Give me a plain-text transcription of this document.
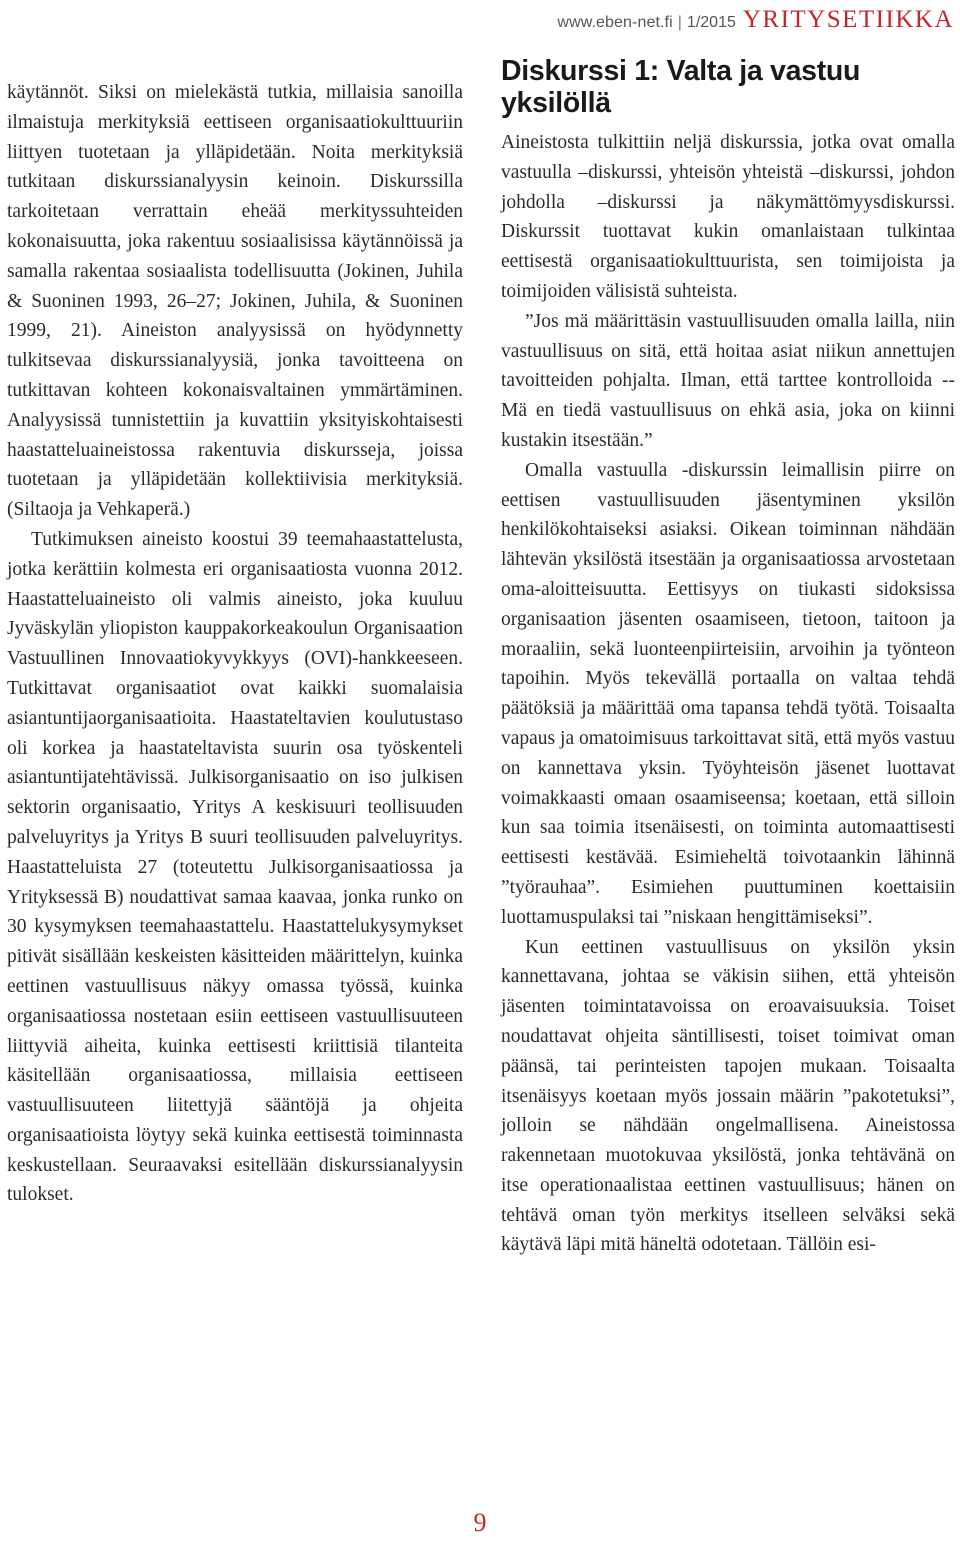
www.eben-net.fi | 1/2015 YRITYSETIIKKA

käytännöt. Siksi on mielekästä tutkia, millaisia sanoilla ilmaistuja merkityksiä eettiseen organisaatiokulttuuriin liittyen tuotetaan ja ylläpidetään. Noita merkityksiä tutkitaan diskurssianalyysin keinoin. Diskurssilla tarkoitetaan verrattain eheää merkityssuhteiden kokonaisuutta, joka rakentuu sosiaalisissa käytännöissä ja samalla rakentaa sosiaalista todellisuutta (Jokinen, Juhila & Suoninen 1993, 26–27; Jokinen, Juhila, & Suoninen 1999, 21). Aineiston analyysissä on hyödynnetty tulkitsevaa diskurssianalyysiä, jonka tavoitteena on tutkittavan kohteen kokonaisvaltainen ymmärtäminen. Analyysissä tunnistettiin ja kuvattiin yksityiskohtaisesti haastatteluaineistossa rakentuvia diskursseja, joissa tuotetaan ja ylläpidetään kollektiivisia merkityksiä. (Siltaoja ja Vehkaperä.)

Tutkimuksen aineisto koostui 39 teemahaastattelusta, jotka kerättiin kolmesta eri organisaatiosta vuonna 2012. Haastatteluaineisto oli valmis aineisto, joka kuuluu Jyväskylän yliopiston kauppakorkeakoulun Organisaation Vastuullinen Innovaatiokyvykkyys (OVI)-hankkeeseen. Tutkittavat organisaatiot ovat kaikki suomalaisia asiantuntijaorganisaatioita. Haastateltavien koulutustaso oli korkea ja haastateltavista suurin osa työskenteli asiantuntijatehtävissä. Julkisorganisaatio on iso julkisen sektorin organisaatio, Yritys A keskisuuri teollisuuden palveluyritys ja Yritys B suuri teollisuuden palveluyritys. Haastatteluista 27 (toteutettu Julkisorganisaatiossa ja Yrityksessä B) noudattivat samaa kaavaa, jonka runko on 30 kysymyksen teemahaastattelu. Haastattelukysymykset pitivät sisällään keskeisten käsitteiden määrittelyn, kuinka eettinen vastuullisuus näkyy omassa työssä, kuinka organisaatiossa nostetaan esiin eettiseen vastuullisuuteen liittyviä aiheita, kuinka eettisesti kriittisiä tilanteita käsitellään organisaatiossa, millaisia eettiseen vastuullisuuteen liitettyjä sääntöjä ja ohjeita organisaatioista löytyy sekä kuinka eettisestä toiminnasta keskustellaan. Seuraavaksi esitellään diskurssianalyysin tulokset.

Diskurssi 1: Valta ja vastuu yksilöllä

Aineistosta tulkittiin neljä diskurssia, jotka ovat omalla vastuulla –diskurssi, yhteisön yhteistä –diskurssi, johdon johdolla –diskurssi ja näkymättömyysdiskurssi. Diskurssit tuottavat kukin omanlaistaan tulkintaa eettisestä organisaatiokulttuurista, sen toimijoista ja toimijoiden välisistä suhteista.

”Jos mä määrittäsin vastuullisuuden omalla lailla, niin vastuullisuus on sitä, että hoitaa asiat niikun annettujen tavoitteiden pohjalta. Ilman, että tarttee kontrolloida -- Mä en tiedä vastuullisuus on ehkä asia, joka on kiinni kustakin itsestään.”

Omalla vastuulla -diskurssin leimallisin piirre on eettisen vastuullisuuden jäsentyminen yksilön henkilökohtaiseksi asiaksi. Oikean toiminnan nähdään lähtevän yksilöstä itsestään ja organisaatiossa arvostetaan oma-aloitteisuutta. Eettisyys on tiukasti sidoksissa organisaation jäsenten osaamiseen, tietoon, taitoon ja moraaliin, sekä luonteenpiirteisiin, arvoihin ja työnteon tapoihin. Myös tekevällä portaalla on valtaa tehdä päätöksiä ja määrittää oma tapansa tehdä työtä. Toisaalta vapaus ja omatoimisuus tarkoittavat sitä, että myös vastuu on kannettava yksin. Työyhteisön jäsenet luottavat voimakkaasti omaan osaamiseensa; koetaan, että silloin kun saa toimia itsenäisesti, on toiminta automaattisesti eettisesti kestävää. Esimieheltä toivotaankin lähinnä ”työrauhaa”. Esimiehen puuttuminen koettaisiin luottamuspulaksi tai ”niskaan hengittämiseksi”.

Kun eettinen vastuullisuus on yksilön yksin kannettavana, johtaa se väkisin siihen, että yhteisön jäsenten toimintatavoissa on eroavaisuuksia. Toiset noudattavat ohjeita säntillisesti, toiset toimivat oman päänsä, tai perinteisten tapojen mukaan. Toisaalta itsenäisyys koetaan myös jossain määrin ”pakotetuksi”, jolloin se nähdään ongelmallisena. Aineistossa rakennetaan muotokuvaa yksilöstä, jonka tehtävänä on itse operationaalistaa eettinen vastuullisuus; hänen on tehtävä oman työn merkitys itselleen selväksi sekä käytävä läpi mitä häneltä odotetaan. Tällöin esi-

9
